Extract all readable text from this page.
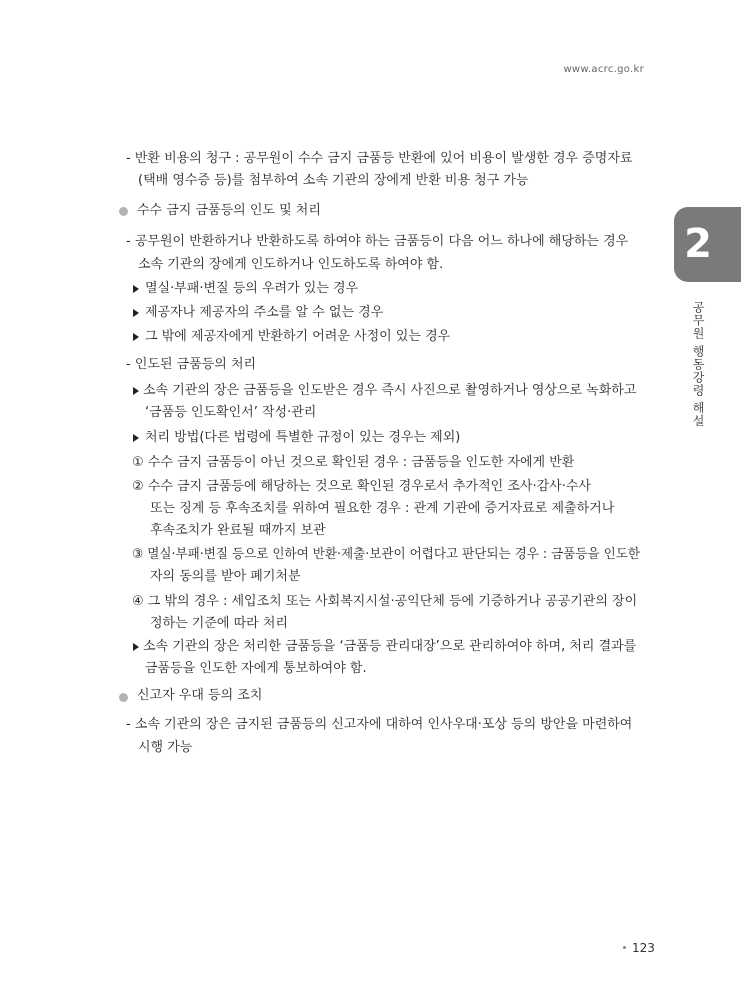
www.acrc.go.kr
2
공무원 행동강령 해설
- 반환 비용의 청구 : 공무원이 수수 금지 금품등 반환에 있어 비용이 발생한 경우 증명자료
(택배 영수증 등)를 첨부하여 소속 기관의 장에게 반환 비용 청구 가능
수수 금지 금품등의 인도 및 처리
- 공무원이 반환하거나 반환하도록 하여야 하는 금품등이 다음 어느 하나에 해당하는 경우
소속 기관의 장에게 인도하거나 인도하도록 하여야 함.
멸실·부패·변질 등의 우려가 있는 경우
제공자나 제공자의 주소를 알 수 없는 경우
그 밖에 제공자에게 반환하기 어려운 사정이 있는 경우
- 인도된 금품등의 처리
소속 기관의 장은 금품등을 인도받은 경우 즉시 사진으로 촬영하거나 영상으로 녹화하고
‘금품등 인도확인서’ 작성·관리
처리 방법(다른 법령에 특별한 규정이 있는 경우는 제외)
① 수수 금지 금품등이 아닌 것으로 확인된 경우 : 금품등을 인도한 자에게 반환
② 수수 금지 금품등에 해당하는 것으로 확인된 경우로서 추가적인 조사·감사·수사
또는 징계 등 후속조치를 위하여 필요한 경우 : 관계 기관에 증거자료로 제출하거나
후속조치가 완료될 때까지 보관
③ 멸실·부패·변질 등으로 인하여 반환·제출·보관이 어렵다고 판단되는 경우 : 금품등을 인도한
자의 동의를 받아 폐기처분
④ 그 밖의 경우 : 세입조치 또는 사회복지시설·공익단체 등에 기증하거나 공공기관의 장이
정하는 기준에 따라 처리
소속 기관의 장은 처리한 금품등을 ‘금품등 관리대장’으로 관리하여야 하며, 처리 결과를
금품등을 인도한 자에게 통보하여야 함.
신고자 우대 등의 조치
- 소속 기관의 장은 금지된 금품등의 신고자에 대하여 인사우대·포상 등의 방안을 마련하여
시행 가능
123
